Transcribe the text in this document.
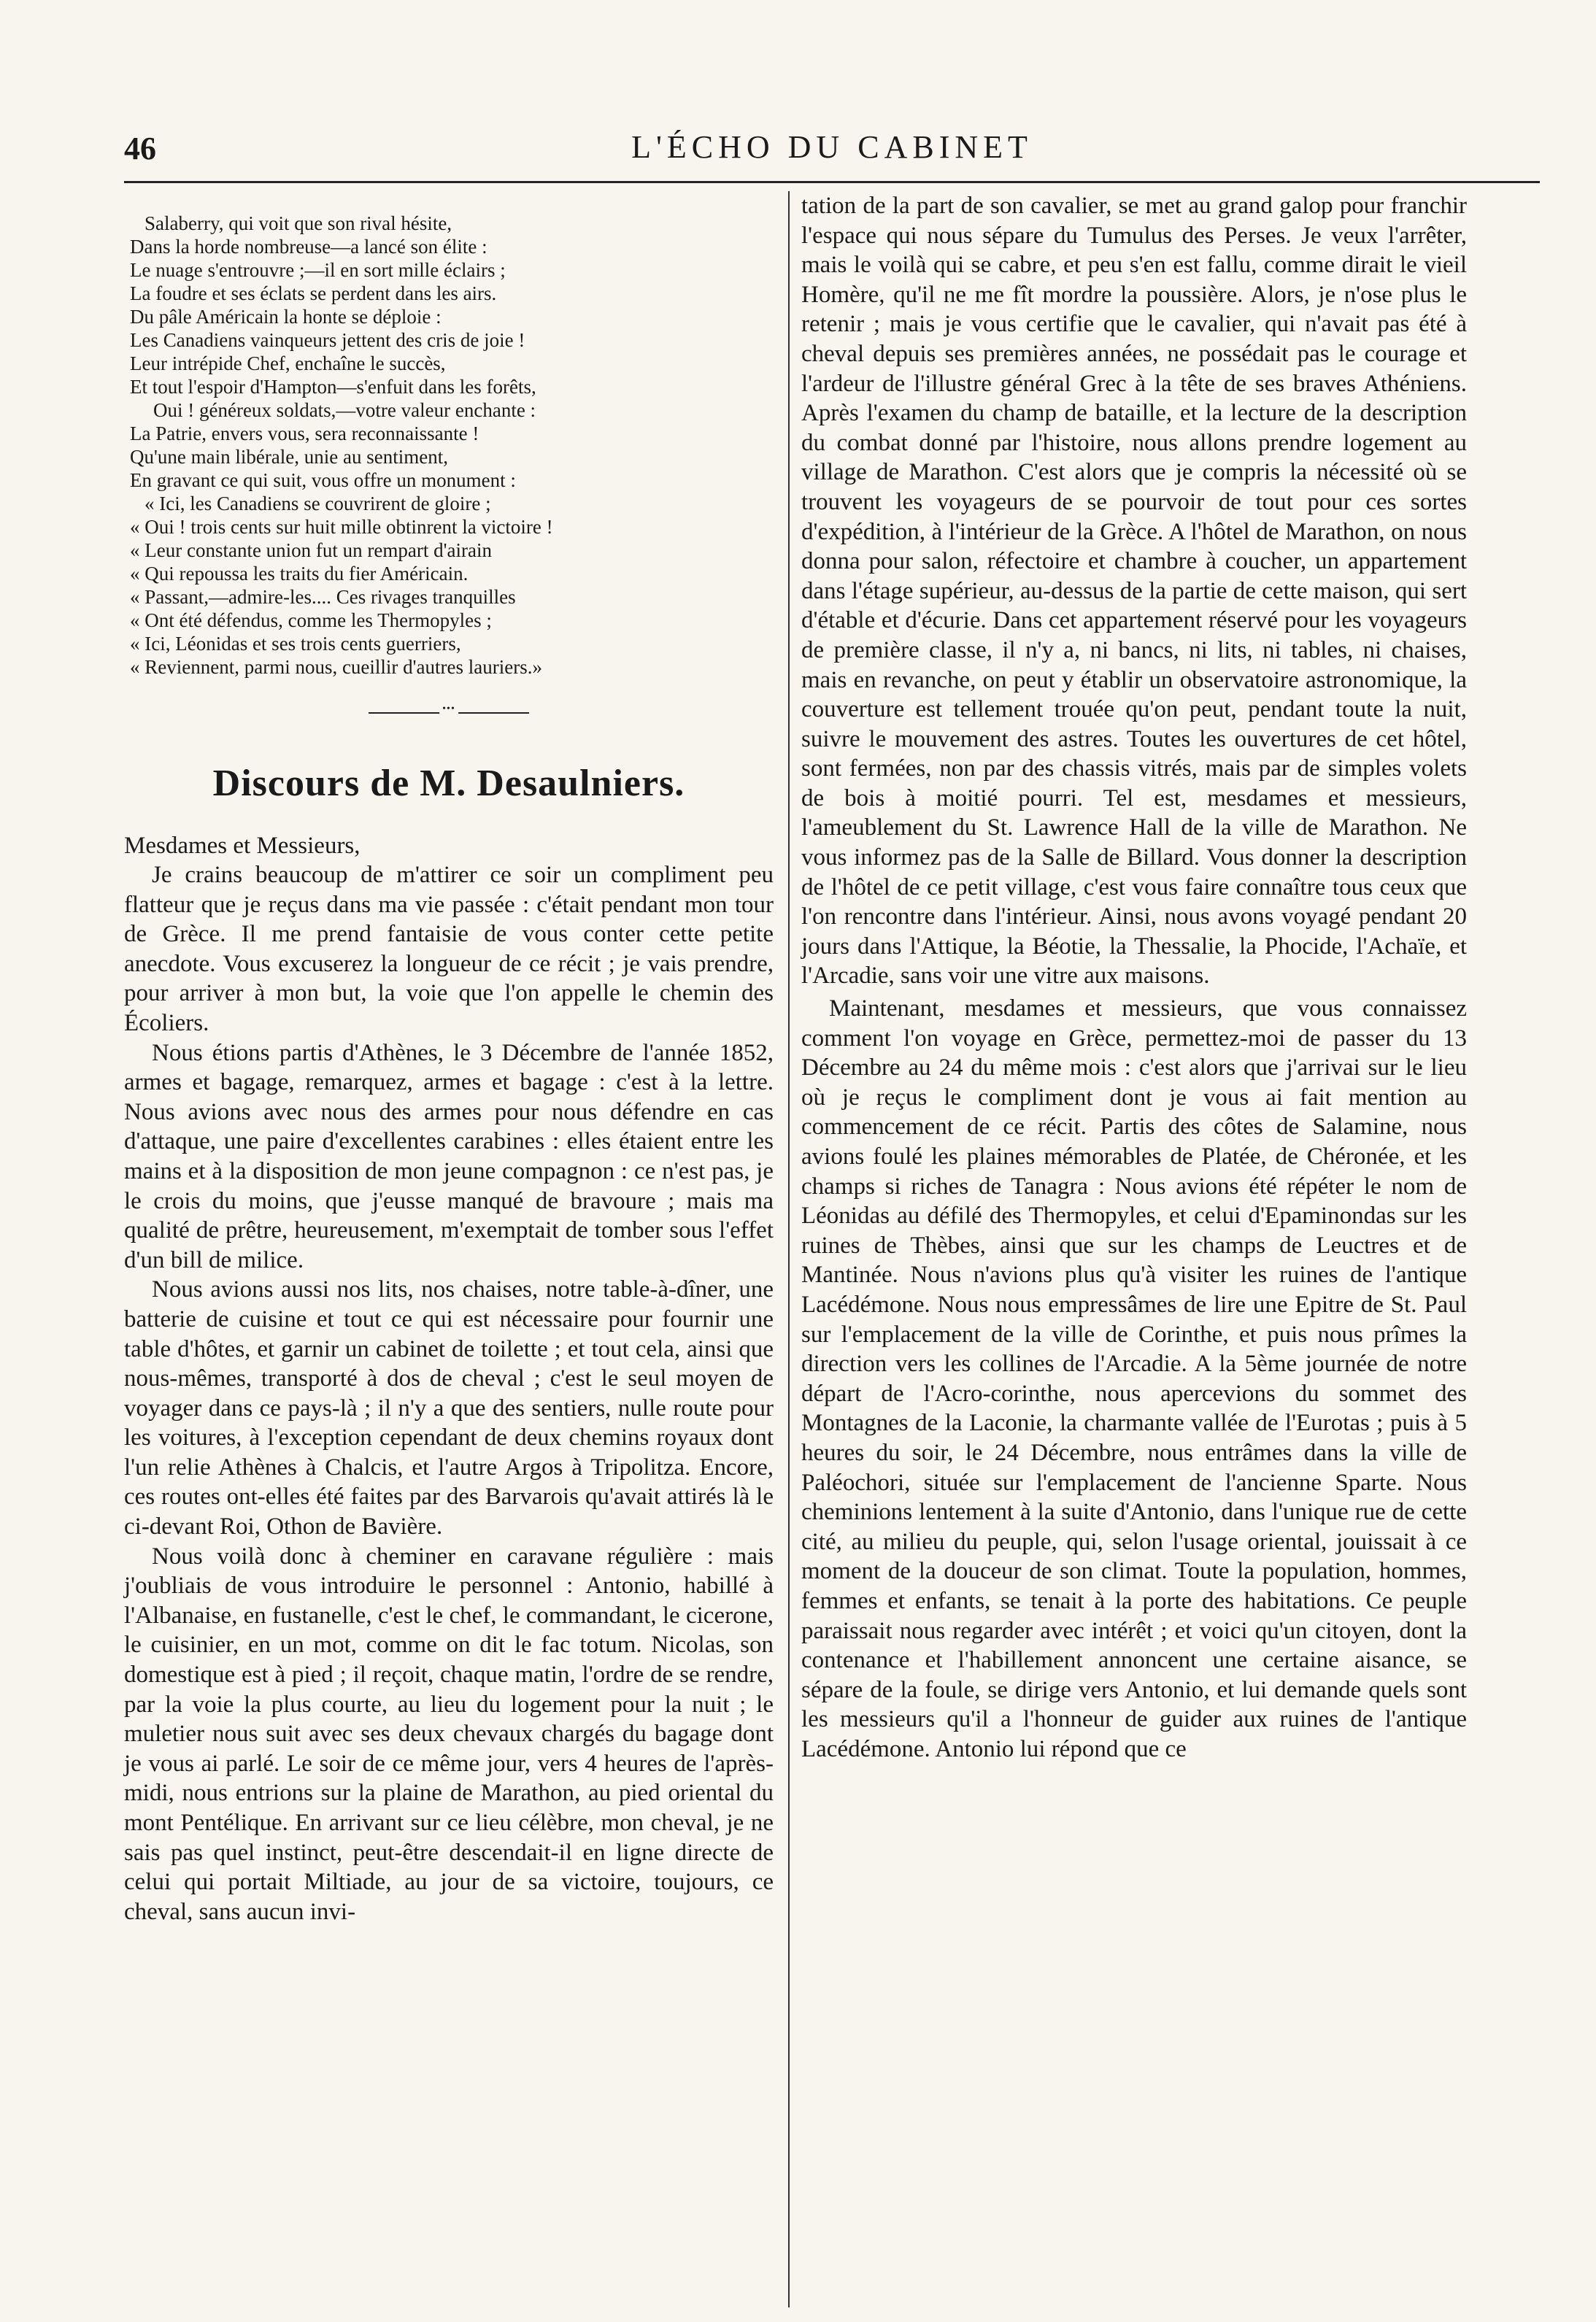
46	L'ÉCHO DU CABINET
Salaberry, qui voit que son rival hésite,
Dans la horde nombreuse—a lancé son élite :
Le nuage s'entrouvre ;—il en sort mille éclairs ;
La foudre et ses éclats se perdent dans les airs.
Du pâle Américain la honte se déploie :
Les Canadiens vainqueurs jettent des cris de joie !
Leur intrépide Chef, enchaîne le succès,
Et tout l'espoir d'Hampton—s'enfuit dans les forêts,
Oui ! généreux soldats,—votre valeur enchante :
La Patrie, envers vous, sera reconnaissante !
Qu'une main libérale, unie au sentiment,
En gravant ce qui suit, vous offre un monument :
« Ici, les Canadiens se couvrirent de gloire ;
« Oui ! trois cents sur huit mille obtinrent la victoire !
« Leur constante union fut un rempart d'airain
« Qui repoussa les traits du fier Américain.
« Passant,—admire-les.... Ces rivages tranquilles
« Ont été défendus, comme les Thermopyles ;
« Ici, Léonidas et ses trois cents guerriers,
« Reviennent, parmi nous, cueillir d'autres lauriers.»
•••
Discours de M. Desaulniers.
Mesdames et Messieurs,

Je crains beaucoup de m'attirer ce soir un compliment peu flatteur que je reçus dans ma vie passée : c'était pendant mon tour de Grèce. Il me prend fantaisie de vous conter cette petite anecdote. Vous excuserez la longueur de ce récit ; je vais prendre, pour arriver à mon but, la voie que l'on appelle le chemin des Écoliers.

Nous étions partis d'Athènes, le 3 Décembre de l'année 1852, armes et bagage, remarquez, armes et bagage : c'est à la lettre. Nous avions avec nous des armes pour nous défendre en cas d'attaque, une paire d'excellentes carabines : elles étaient entre les mains et à la disposition de mon jeune compagnon : ce n'est pas, je le crois du moins, que j'eusse manqué de bravoure ; mais ma qualité de prêtre, heureusement, m'exemptait de tomber sous l'effet d'un bill de milice.

Nous avions aussi nos lits, nos chaises, notre table-à-dîner, une batterie de cuisine et tout ce qui est nécessaire pour fournir une table d'hôtes, et garnir un cabinet de toilette ; et tout cela, ainsi que nous-mêmes, transporté à dos de cheval ; c'est le seul moyen de voyager dans ce pays-là ; il n'y a que des sentiers, nulle route pour les voitures, à l'exception cependant de deux chemins royaux dont l'un relie Athènes à Chalcis, et l'autre Argos à Tripolitza. Encore, ces routes ont-elles été faites par des Barvarois qu'avait attirés là le ci-devant Roi, Othon de Bavière.

Nous voilà donc à cheminer en caravane régulière : mais j'oubliais de vous introduire le personnel : Antonio, habillé à l'Albanaise, en fustanelle, c'est le chef, le commandant, le cicerone, le cuisinier, en un mot, comme on dit le fac totum. Nicolas, son domestique est à pied ; il reçoit, chaque matin, l'ordre de se rendre, par la voie la plus courte, au lieu du logement pour la nuit ; le muletier nous suit avec ses deux chevaux chargés du bagage dont je vous ai parlé. Le soir de ce même jour, vers 4 heures de l'après-midi, nous entrions sur la plaine de Marathon, au pied oriental du mont Pentélique. En arrivant sur ce lieu célèbre, mon cheval, je ne sais pas quel instinct, peut-être descendait-il en ligne directe de celui qui portait Miltiade, au jour de sa victoire, toujours, ce cheval, sans aucun invi-

tation de la part de son cavalier, se met au grand galop pour franchir l'espace qui nous sépare du Tumulus des Perses. Je veux l'arrêter, mais le voilà qui se cabre, et peu s'en est fallu, comme dirait le vieil Homère, qu'il ne me fît mordre la poussière. Alors, je n'ose plus le retenir ; mais je vous certifie que le cavalier, qui n'avait pas été à cheval depuis ses premières années, ne possédait pas le courage et l'ardeur de l'illustre général Grec à la tête de ses braves Athéniens. Après l'examen du champ de bataille, et la lecture de la description du combat donné par l'histoire, nous allons prendre logement au village de Marathon. C'est alors que je compris la nécessité où se trouvent les voyageurs de se pourvoir de tout pour ces sortes d'expédition, à l'intérieur de la Grèce. A l'hôtel de Marathon, on nous donna pour salon, réfectoire et chambre à coucher, un appartement dans l'étage supérieur, au-dessus de la partie de cette maison, qui sert d'étable et d'écurie. Dans cet appartement réservé pour les voyageurs de première classe, il n'y a, ni bancs, ni lits, ni tables, ni chaises, mais en revanche, on peut y établir un observatoire astronomique, la couverture est tellement trouée qu'on peut, pendant toute la nuit, suivre le mouvement des astres. Toutes les ouvertures de cet hôtel, sont fermées, non par des chassis vitrés, mais par de simples volets de bois à moitié pourri. Tel est, mesdames et messieurs, l'ameublement du St. Lawrence Hall de la ville de Marathon. Ne vous informez pas de la Salle de Billard. Vous donner la description de l'hôtel de ce petit village, c'est vous faire connaître tous ceux que l'on rencontre dans l'intérieur. Ainsi, nous avons voyagé pendant 20 jours dans l'Attique, la Béotie, la Thessalie, la Phocide, l'Achaïe, et l'Arcadie, sans voir une vitre aux maisons.

Maintenant, mesdames et messieurs, que vous connaissez comment l'on voyage en Grèce, permettez-moi de passer du 13 Décembre au 24 du même mois : c'est alors que j'arrivai sur le lieu où je reçus le compliment dont je vous ai fait mention au commencement de ce récit. Partis des côtes de Salamine, nous avions foulé les plaines mémorables de Platée, de Chéronée, et les champs si riches de Tanagra : Nous avions été répéter le nom de Léonidas au défilé des Thermopyles, et celui d'Epaminondas sur les ruines de Thèbes, ainsi que sur les champs de Leuctres et de Mantinée. Nous n'avions plus qu'à visiter les ruines de l'antique Lacédémone. Nous nous empressâmes de lire une Epitre de St. Paul sur l'emplacement de la ville de Corinthe, et puis nous prîmes la direction vers les collines de l'Arcadie. A la 5ème journée de notre départ de l'Acro-corinthe, nous apercevions du sommet des Montagnes de la Laconie, la charmante vallée de l'Eurotas ; puis à 5 heures du soir, le 24 Décembre, nous entrâmes dans la ville de Paléochori, située sur l'emplacement de l'ancienne Sparte. Nous cheminions lentement à la suite d'Antonio, dans l'unique rue de cette cité, au milieu du peuple, qui, selon l'usage oriental, jouissait à ce moment de la douceur de son climat. Toute la population, hommes, femmes et enfants, se tenait à la porte des habitations. Ce peuple paraissait nous regarder avec intérêt ; et voici qu'un citoyen, dont la contenance et l'habillement annoncent une certaine aisance, se sépare de la foule, se dirige vers Antonio, et lui demande quels sont les messieurs qu'il a l'honneur de guider aux ruines de l'antique Lacédémone. Antonio lui répond que ce
